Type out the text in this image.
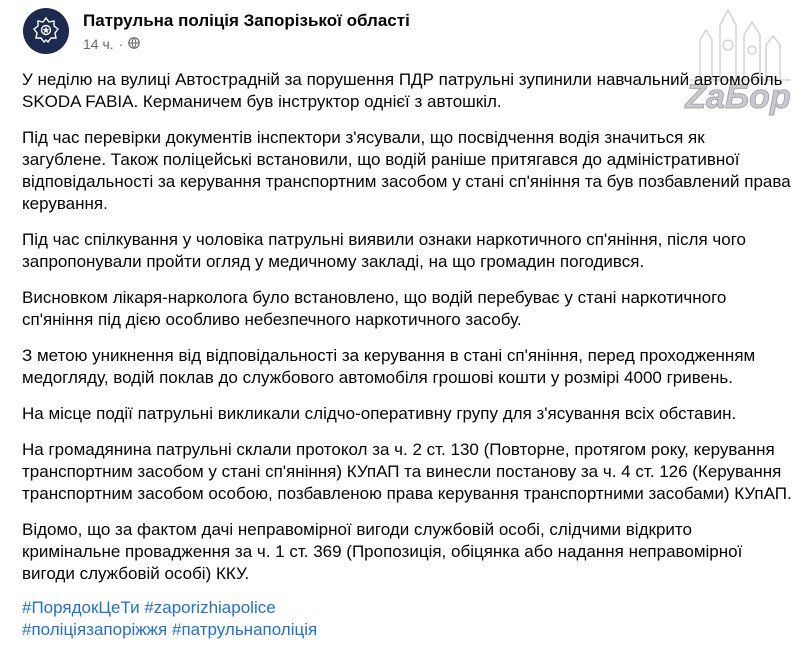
Патрульна поліція Запорізької області
14 ч. ·
ZаБор

У неділю на вулиці Автострадній за порушення ПДР патрульні зупинили навчальний автомобіль SKODA FABIA. Керманичем був інструктор однієї з автошкіл.

Під час перевірки документів інспектори з'ясували, що посвідчення водія значиться як загублене. Також поліцейські встановили, що водій раніше притягався до адміністративної відповідальності за керування транспортним засобом у стані сп'яніння та був позбавлений права керування.

Під час спілкування у чоловіка патрульні виявили ознаки наркотичного сп'яніння, після чого запропонували пройти огляд у медичному закладі, на що громадин погодився.

Висновком лікаря-нарколога було встановлено, що водій перебуває у стані наркотичного сп'яніння під дією особливо небезпечного наркотичного засобу.

З метою уникнення від відповідальності за керування в стані сп'яніння, перед проходженням медогляду, водій поклав до службового автомобіля грошові кошти у розмірі 4000 гривень.

На місце події патрульні викликали слідчо-оперативну групу для з'ясування всіх обставин.

На громадянина патрульні склали протокол за ч. 2 ст. 130 (Повторне, протягом року, керування транспортним засобом у стані сп'яніння) КУпАП та винесли постанову за ч. 4 ст. 126 (Керування транспортним засобом особою, позбавленою права керування транспортними засобами) КУпАП.

Відомо, що за фактом дачі неправомірної вигоди службовій особі, слідчими відкрито кримінальне провадження за ч. 1 ст. 369 (Пропозиція, обіцянка або надання неправомірної вигоди службовій особі) ККУ.

#ПорядокЦеТи #zaporizhiapolice
#поліціязапоріжжя #патрульнаполіція
